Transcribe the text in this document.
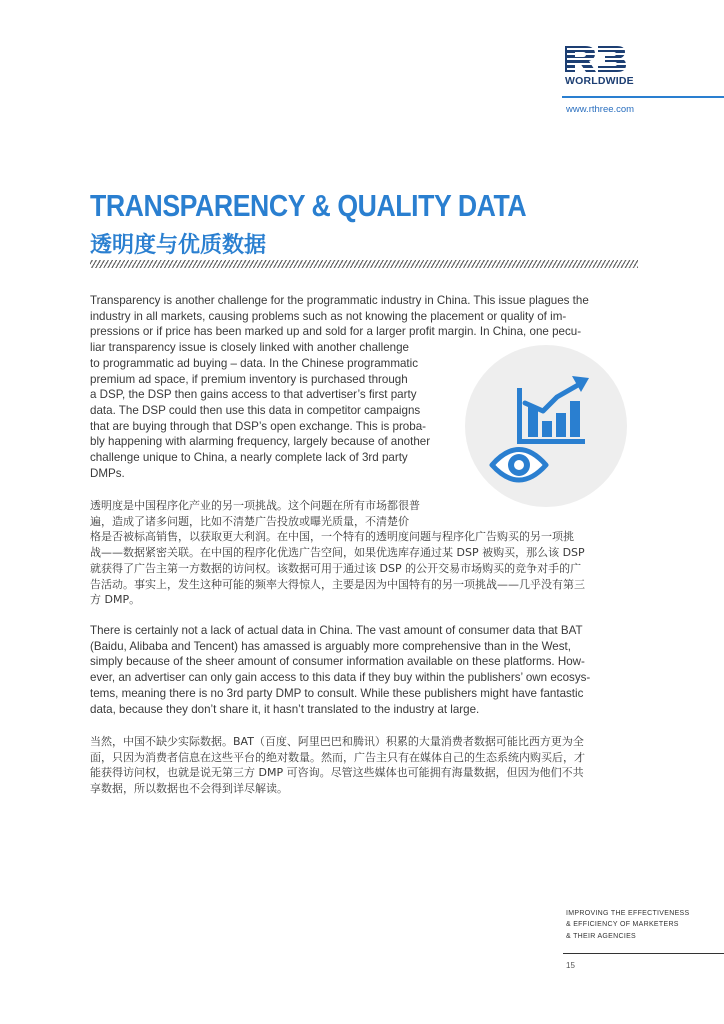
WORLDWIDE
www.rthree.com
TRANSPARENCY & QUALITY DATA
透明度与优质数据

Transparency is another challenge for the programmatic industry in China. This issue plagues the
industry in all markets, causing problems such as not knowing the placement or quality of im-
pressions or if price has been marked up and sold for a larger profit margin. In China, one pecu-
liar transparency issue is closely linked with another challenge
to programmatic ad buying – data. In the Chinese programmatic
premium ad space, if premium inventory is purchased through
a DSP, the DSP then gains access to that advertiser’s first party
data. The DSP could then use this data in competitor campaigns
that are buying through that DSP’s open exchange. This is proba-
bly happening with alarming frequency, largely because of another
challenge unique to China, a nearly complete lack of 3rd party
DMPs.

透明度是中国程序化产业的另一项挑战。这个问题在所有市场都很普
遍，造成了诸多问题，比如不清楚广告投放或曝光质量，不清楚价
格是否被标高销售，以获取更大利润。在中国，一个特有的透明度问题与程序化广告购买的另一项挑
战——数据紧密关联。在中国的程序化优选广告空间，如果优选库存通过某 DSP 被购买，那么该 DSP
就获得了广告主第一方数据的访问权。该数据可用于通过该 DSP 的公开交易市场购买的竞争对手的广
告活动。事实上，发生这种可能的频率大得惊人，主要是因为中国特有的另一项挑战——几乎没有第三
方 DMP。

There is certainly not a lack of actual data in China. The vast amount of consumer data that BAT
(Baidu, Alibaba and Tencent) has amassed is arguably more comprehensive than in the West,
simply because of the sheer amount of consumer information available on these platforms. How-
ever, an advertiser can only gain access to this data if they buy within the publishers’ own ecosys-
tems, meaning there is no 3rd party DMP to consult. While these publishers might have fantastic
data, because they don’t share it, it hasn’t translated to the industry at large.

当然，中国不缺少实际数据。BAT（百度、阿里巴巴和腾讯）积累的大量消费者数据可能比西方更为全
面，只因为消费者信息在这些平台的绝对数量。然而，广告主只有在媒体自己的生态系统内购买后，才
能获得访问权，也就是说无第三方 DMP 可咨询。尽管这些媒体也可能拥有海量数据，但因为他们不共
享数据，所以数据也不会得到详尽解读。

IMPROVING THE EFFECTIVENESS
& EFFICIENCY OF MARKETERS
& THEIR AGENCIES
15
